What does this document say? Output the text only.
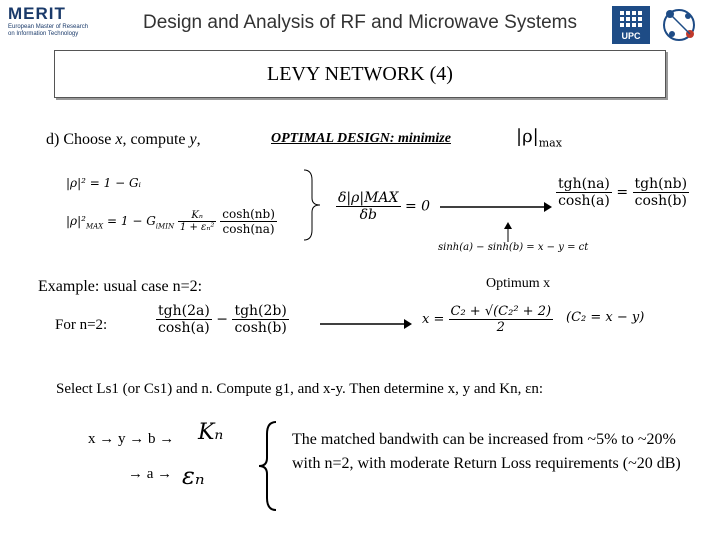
MERIT
European Master of Research
on Information Technology
Design and Analysis of RF and Microwave Systems
UPC
LEVY NETWORK (4)
d) Choose x, compute y,	OPTIMAL DESIGN: minimize	$|\rho|_{max}$
|ρ|² = 1 − Gᵢ
$|\rho|^2_{MAX} = 1 - G_{iMIN} \frac{\text{Kₙ}}{\text{1 + εₙ²}}$
$\frac{\cosh(nb)}{\cosh(na)}$	$\frac{\text{δ|ρ|MAX}}{\delta b} = 0$	$\frac{\text{tgh(na)}}{\cosh(a)} = \frac{\text{tgh(nb)}}{\cosh(b)}$
sinh(a) − sinh(b) = x − y = ct
Example: usual case n=2:	Optimum x
For n=2:	$\frac{\text{tgh(2a)}}{\cosh(a)} - \frac{\text{tgh(2b)}}{\cosh(b)}$	$x = \frac{\text{C₂ + √(C₂² + 2)}}{2} (C_2 = x - y)$
Select Ls1 (or Cs1) and n. Compute g1, and x-y. Then determine x, y and Kn, εn:
x → y → b → Kₙ
→ a → εₙ
The matched bandwith can be increased from ~5% to ~20% with n=2, with moderate Return Loss requirements (~20 dB)
